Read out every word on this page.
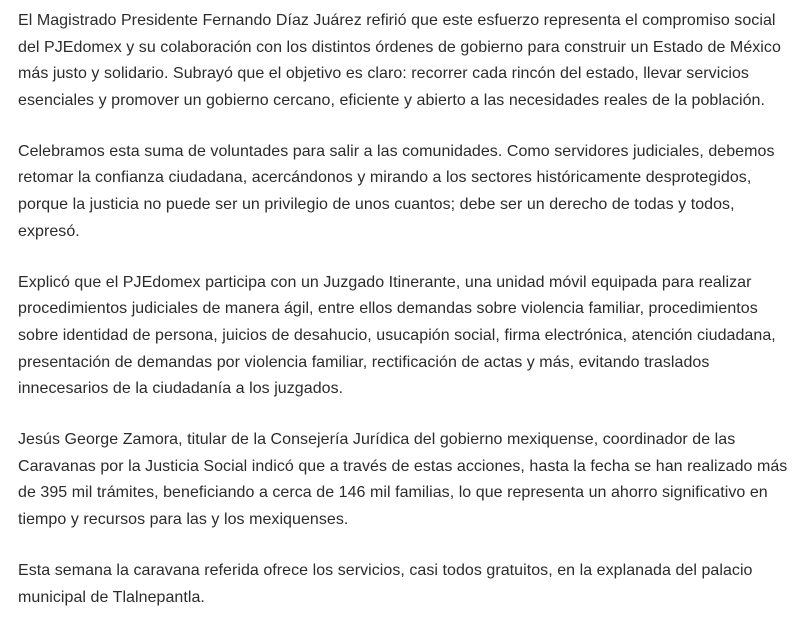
El Magistrado Presidente Fernando Díaz Juárez refirió que este esfuerzo representa el compromiso social del PJEdomex y su colaboración con los distintos órdenes de gobierno para construir un Estado de México más justo y solidario. Subrayó que el objetivo es claro: recorrer cada rincón del estado, llevar servicios esenciales y promover un gobierno cercano, eficiente y abierto a las necesidades reales de la población.

Celebramos esta suma de voluntades para salir a las comunidades. Como servidores judiciales, debemos retomar la confianza ciudadana, acercándonos y mirando a los sectores históricamente desprotegidos, porque la justicia no puede ser un privilegio de unos cuantos; debe ser un derecho de todas y todos, expresó.

Explicó que el PJEdomex participa con un Juzgado Itinerante, una unidad móvil equipada para realizar procedimientos judiciales de manera ágil, entre ellos demandas sobre violencia familiar, procedimientos sobre identidad de persona, juicios de desahucio, usucapión social, firma electrónica, atención ciudadana, presentación de demandas por violencia familiar, rectificación de actas y más, evitando traslados innecesarios de la ciudadanía a los juzgados.

Jesús George Zamora, titular de la Consejería Jurídica del gobierno mexiquense, coordinador de las Caravanas por la Justicia Social indicó que a través de estas acciones, hasta la fecha se han realizado más de 395 mil trámites, beneficiando a cerca de 146 mil familias, lo que representa un ahorro significativo en tiempo y recursos para las y los mexiquenses.

Esta semana la caravana referida ofrece los servicios, casi todos gratuitos, en la explanada del palacio municipal de Tlalnepantla.
